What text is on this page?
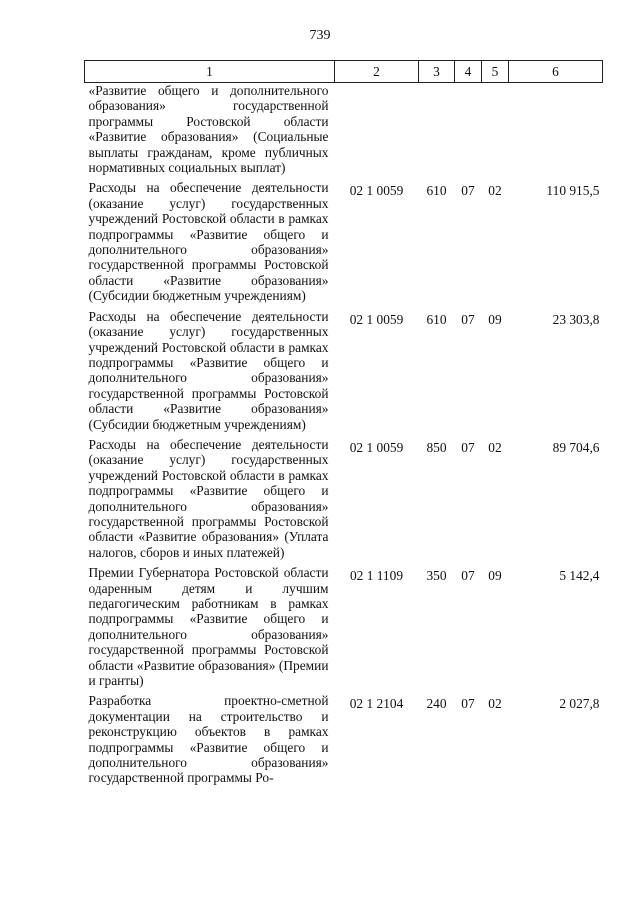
739
1	2	3	4	5	6
«Развитие общего и дополнительного образования» государственной программы Ростовской области «Развитие образования» (Социальные выплаты гражданам, кроме публичных нормативных социальных выплат)					
Расходы на обеспечение деятельности (оказание услуг) государственных учреждений Ростовской области в рамках подпрограммы «Развитие общего и дополнительного образования» государственной программы Ростовской области «Развитие образования» (Субсидии бюджетным учреждениям)	02 1 0059	610	07	02	110 915,5
Расходы на обеспечение деятельности (оказание услуг) государственных учреждений Ростовской области в рамках подпрограммы «Развитие общего и дополнительного образования» государственной программы Ростовской области «Развитие образования» (Субсидии бюджетным учреждениям)	02 1 0059	610	07	09	23 303,8
Расходы на обеспечение деятельности (оказание услуг) государственных учреждений Ростовской области в рамках подпрограммы «Развитие общего и дополнительного образования» государственной программы Ростовской области «Развитие образования» (Уплата налогов, сборов и иных платежей)	02 1 0059	850	07	02	89 704,6
Премии Губернатора Ростовской области одаренным детям и лучшим педагогическим работникам в рамках подпрограммы «Развитие общего и дополнительного образования» государственной программы Ростовской области «Развитие образования» (Премии и гранты)	02 1 1109	350	07	09	5 142,4
Разработка проектно-сметной документации на строительство и реконструкцию объектов в рамках подпрограммы «Развитие общего и дополнительного образования» государственной программы Ро-	02 1 2104	240	07	02	2 027,8
